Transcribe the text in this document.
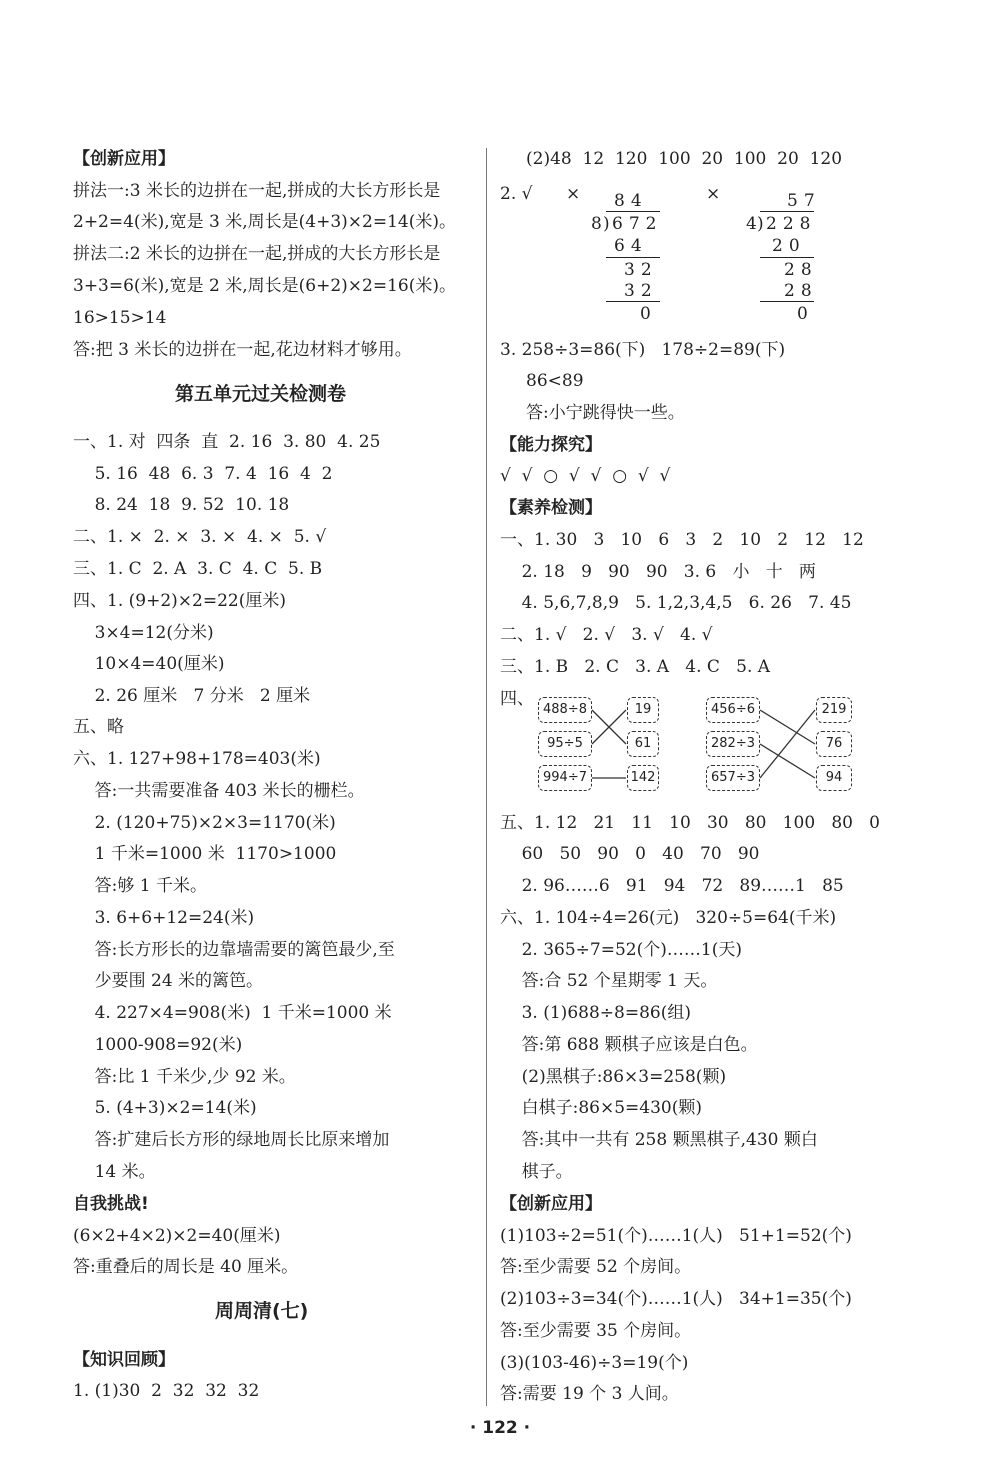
【创新应用】
拼法一:3 米长的边拼在一起,拼成的大长方形长是
2+2=4(米),宽是 3 米,周长是(4+3)×2=14(米)。
拼法二:2 米长的边拼在一起,拼成的大长方形长是
3+3=6(米),宽是 2 米,周长是(6+2)×2=16(米)。
16>15>14
答:把 3 米长的边拼在一起,花边材料才够用。
第五单元过关检测卷
一、1. 对  四条  直  2. 16  3. 80  4. 25
5. 16  48  6. 3  7. 4  16  4  2
8. 24  18  9. 52  10. 18
二、1. ×  2. ×  3. ×  4. ×  5. √
三、1. C  2. A  3. C  4. C  5. B
四、1. (9+2)×2=22(厘米)
3×4=12(分米)
10×4=40(厘米)
2. 26 厘米   7 分米   2 厘米
五、略
六、1. 127+98+178=403(米)
答:一共需要准备 403 米长的栅栏。
2. (120+75)×2×3=1170(米)
1 千米=1000 米  1170>1000
答:够 1 千米。
3. 6+6+12=24(米)
答:长方形长的边靠墙需要的篱笆最少,至
少要围 24 米的篱笆。
4. 227×4=908(米)  1 千米=1000 米
1000-908=92(米)
答:比 1 千米少,少 92 米。
5. (4+3)×2=14(米)
答:扩建后长方形的绿地周长比原来增加
14 米。
自我挑战!
(6×2+4×2)×2=40(厘米)
答:重叠后的周长是 40 厘米。
周周清(七)
【知识回顾】
1. (1)30  2  32  32  32
(2)48  12  120  100  20  100  20  120
2. √ ×	×
84
8 ) 672
64
32
32
0
57
4 ) 228
20
28
28
0
3. 258÷3=86(下)   178÷2=89(下)
86<89
答:小宁跳得快一些。
【能力探究】
√  √  ○  √  √  ○  √  √
【素养检测】
一、1. 30   3   10   6   3   2   10   2   12   12
2. 18   9   90   90   3. 6   小   十   两
4. 5,6,7,8,9   5. 1,2,3,4,5   6. 26   7. 45
二、1. √   2. √   3. √   4. √
三、1. B   2. C   3. A   4. C   5. A
四、
488÷8
95÷5
994÷7
19
61
142
456÷6
282÷3
657÷3
219
76
94
五、1. 12   21   11   10   30   80   100   80   0
60   50   90   0   40   70   90
2. 96……6   91   94   72   89……1   85
六、1. 104÷4=26(元)   320÷5=64(千米)
2. 365÷7=52(个)……1(天)
答:合 52 个星期零 1 天。
3. (1)688÷8=86(组)
答:第 688 颗棋子应该是白色。
(2)黑棋子:86×3=258(颗)
白棋子:86×5=430(颗)
答:其中一共有 258 颗黑棋子,430 颗白
棋子。
【创新应用】
(1)103÷2=51(个)……1(人)   51+1=52(个)
答:至少需要 52 个房间。
(2)103÷3=34(个)……1(人)   34+1=35(个)
答:至少需要 35 个房间。
(3)(103-46)÷3=19(个)
答:需要 19 个 3 人间。
· 122 ·
